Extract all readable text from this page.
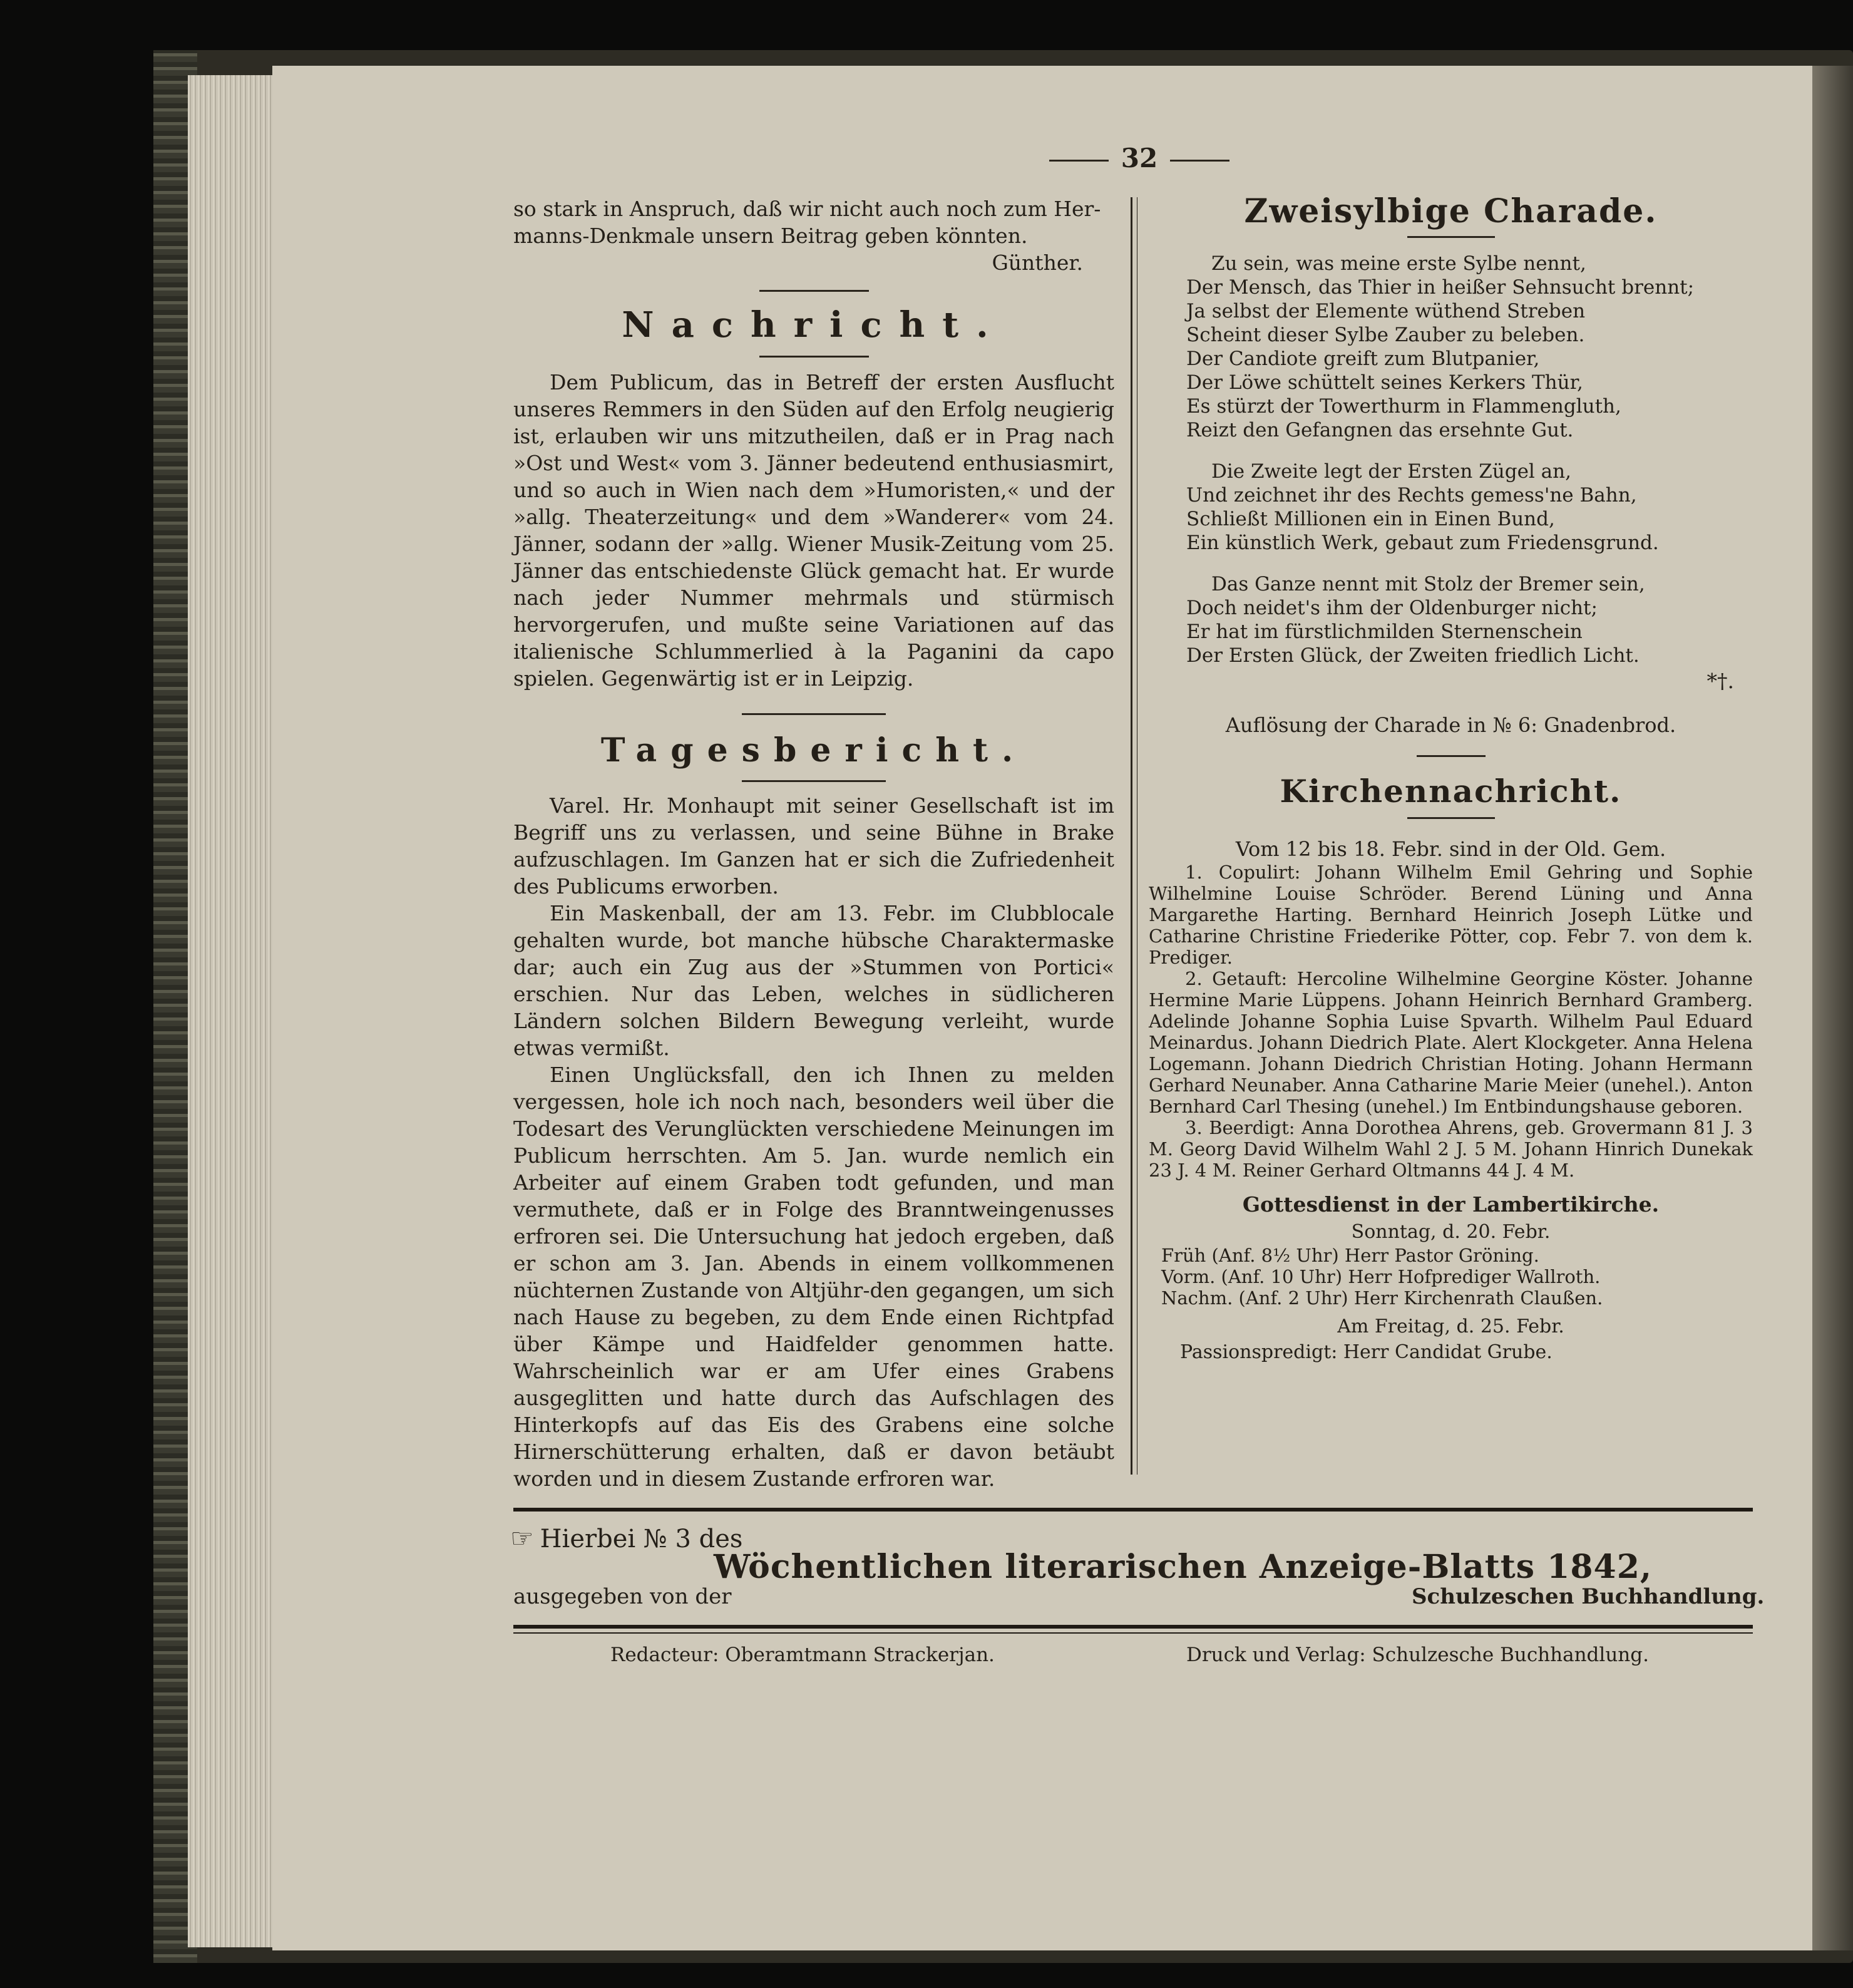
32

so stark in Anspruch, daß wir nicht auch noch zum Her-

manns-Denkmale unsern Beitrag geben könnten.

Günther.

Nachricht.

Dem Publicum, das in Betreff der ersten Ausflucht unseres Remmers in den Süden auf den Erfolg neugierig ist, erlauben wir uns mitzutheilen, daß er in Prag nach »Ost und West« vom 3. Jänner bedeutend enthusiasmirt, und so auch in Wien nach dem »Humoristen,« und der »allg. Theaterzeitung« und dem »Wanderer« vom 24. Jänner, sodann der »allg. Wiener Musik-Zeitung vom 25. Jänner das entschiedenste Glück gemacht hat. Er wurde nach jeder Nummer mehrmals und stürmisch hervorgerufen, und mußte seine Variationen auf das italienische Schlummerlied à la Paganini da capo spielen. Gegenwärtig ist er in Leipzig.

Tagesbericht.

Varel. Hr. Monhaupt mit seiner Gesellschaft ist im Begriff uns zu verlassen, und seine Bühne in Brake aufzuschlagen. Im Ganzen hat er sich die Zufriedenheit des Publicums erworben.

Ein Maskenball, der am 13. Febr. im Clubblocale gehalten wurde, bot manche hübsche Charaktermaske dar; auch ein Zug aus der »Stummen von Portici« erschien. Nur das Leben, welches in südlicheren Ländern solchen Bildern Bewegung verleiht, wurde etwas vermißt.

Einen Unglücksfall, den ich Ihnen zu melden vergessen, hole ich noch nach, besonders weil über die Todesart des Verunglückten verschiedene Meinungen im Publicum herrschten. Am 5. Jan. wurde nemlich ein Arbeiter auf einem Graben todt gefunden, und man vermuthete, daß er in Folge des Branntweingenusses erfroren sei. Die Untersuchung hat jedoch ergeben, daß er schon am 3. Jan. Abends in einem vollkommenen nüchternen Zustande von Altjühr-den gegangen, um sich nach Hause zu begeben, zu dem Ende einen Richtpfad über Kämpe und Haidfelder genommen hatte. Wahrscheinlich war er am Ufer eines Grabens ausgeglitten und hatte durch das Aufschlagen des Hinterkopfs auf das Eis des Grabens eine solche Hirnerschütterung erhalten, daß er davon betäubt worden und in diesem Zustande erfroren war.

Zweisylbige Charade.

Zu sein, was meine erste Sylbe nennt,

Der Mensch, das Thier in heißer Sehnsucht brennt;

Ja selbst der Elemente wüthend Streben

Scheint dieser Sylbe Zauber zu beleben.

Der Candiote greift zum Blutpanier,

Der Löwe schüttelt seines Kerkers Thür,

Es stürzt der Towerthurm in Flammengluth,

Reizt den Gefangnen das ersehnte Gut.

Die Zweite legt der Ersten Zügel an,

Und zeichnet ihr des Rechts gemess'ne Bahn,

Schließt Millionen ein in Einen Bund,

Ein künstlich Werk, gebaut zum Friedensgrund.

Das Ganze nennt mit Stolz der Bremer sein,

Doch neidet's ihm der Oldenburger nicht;

Er hat im fürstlichmilden Sternenschein

Der Ersten Glück, der Zweiten friedlich Licht.

*†.

Auflösung der Charade in № 6: Gnadenbrod.

Kirchennachricht.

Vom 12 bis 18. Febr. sind in der Old. Gem.

1. Copulirt: Johann Wilhelm Emil Gehring und Sophie Wilhelmine Louise Schröder. Berend Lüning und Anna Margarethe Harting. Bernhard Heinrich Joseph Lütke und Catharine Christine Friederike Pötter, cop. Febr 7. von dem k. Prediger.

2. Getauft: Hercoline Wilhelmine Georgine Köster. Johanne Hermine Marie Lüppens. Johann Heinrich Bernhard Gramberg. Adelinde Johanne Sophia Luise Spvarth. Wilhelm Paul Eduard Meinardus. Johann Diedrich Plate. Alert Klockgeter. Anna Helena Logemann. Johann Diedrich Christian Hoting. Johann Hermann Gerhard Neunaber. Anna Catharine Marie Meier (unehel.). Anton Bernhard Carl Thesing (unehel.) Im Entbindungshause geboren.

3. Beerdigt: Anna Dorothea Ahrens, geb. Grovermann 81 J. 3 M. Georg David Wilhelm Wahl 2 J. 5 M. Johann Hinrich Dunekak 23 J. 4 M. Reiner Gerhard Oltmanns 44 J. 4 M.

Gottesdienst in der Lambertikirche.

Sonntag, d. 20. Febr.

Früh (Anf. 8½ Uhr) Herr Pastor Gröning.

Vorm. (Anf. 10 Uhr) Herr Hofprediger Wallroth.

Nachm. (Anf. 2 Uhr) Herr Kirchenrath Claußen.

Am Freitag, d. 25. Febr.

Passionspredigt: Herr Candidat Grube.

☞ Hierbei № 3 des
Wöchentlichen literarischen Anzeige-Blatts 1842,
ausgegeben von der	Schulzeschen Buchhandlung.
Redacteur: Oberamtmann Strackerjan.	Druck und Verlag: Schulzesche Buchhandlung.
